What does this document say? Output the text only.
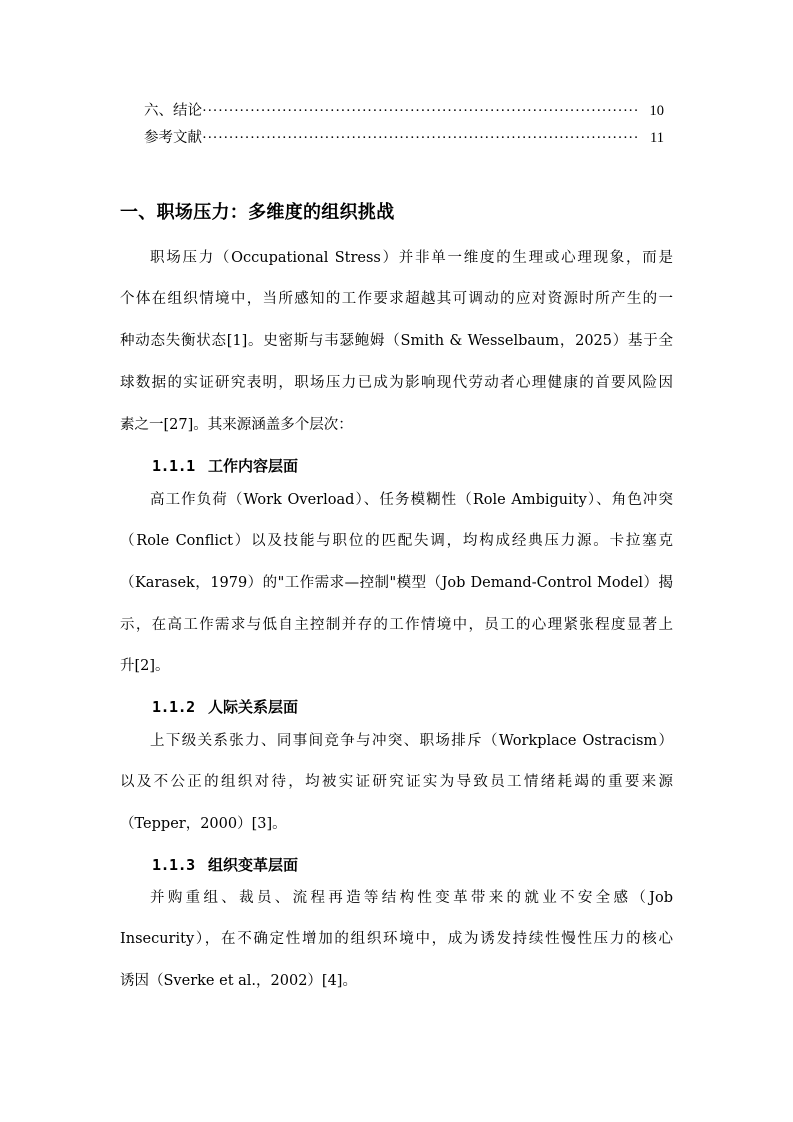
六、结论 ·····	10
参考文献 ·····	11
一、职场压力：多维度的组织挑战
职场压力（Occupational Stress）并非单一维度的生理或心理现象，而是
个体在组织情境中，当所感知的工作要求超越其可调动的应对资源时所产生的一
种动态失衡状态[1]。史密斯与韦瑟鲍姆（Smith & Wesselbaum，2025）基于全
球数据的实证研究表明，职场压力已成为影响现代劳动者心理健康的首要风险因
素之一[27]。其来源涵盖多个层次：
1.1.1 工作内容层面
高工作负荷（Work Overload）、任务模糊性（Role Ambiguity）、角色冲突
（Role Conflict）以及技能与职位的匹配失调，均构成经典压力源。卡拉塞克
（Karasek，1979）的"工作需求—控制"模型（Job Demand-Control Model）揭
示，在高工作需求与低自主控制并存的工作情境中，员工的心理紧张程度显著上
升[2]。
1.1.2 人际关系层面
上下级关系张力、同事间竞争与冲突、职场排斥（Workplace Ostracism）
以及不公正的组织对待，均被实证研究证实为导致员工情绪耗竭的重要来源
（Tepper，2000）[3]。
1.1.3 组织变革层面
并购重组、裁员、流程再造等结构性变革带来的就业不安全感（Job
Insecurity），在不确定性增加的组织环境中，成为诱发持续性慢性压力的核心
诱因（Sverke et al.，2002）[4]。
